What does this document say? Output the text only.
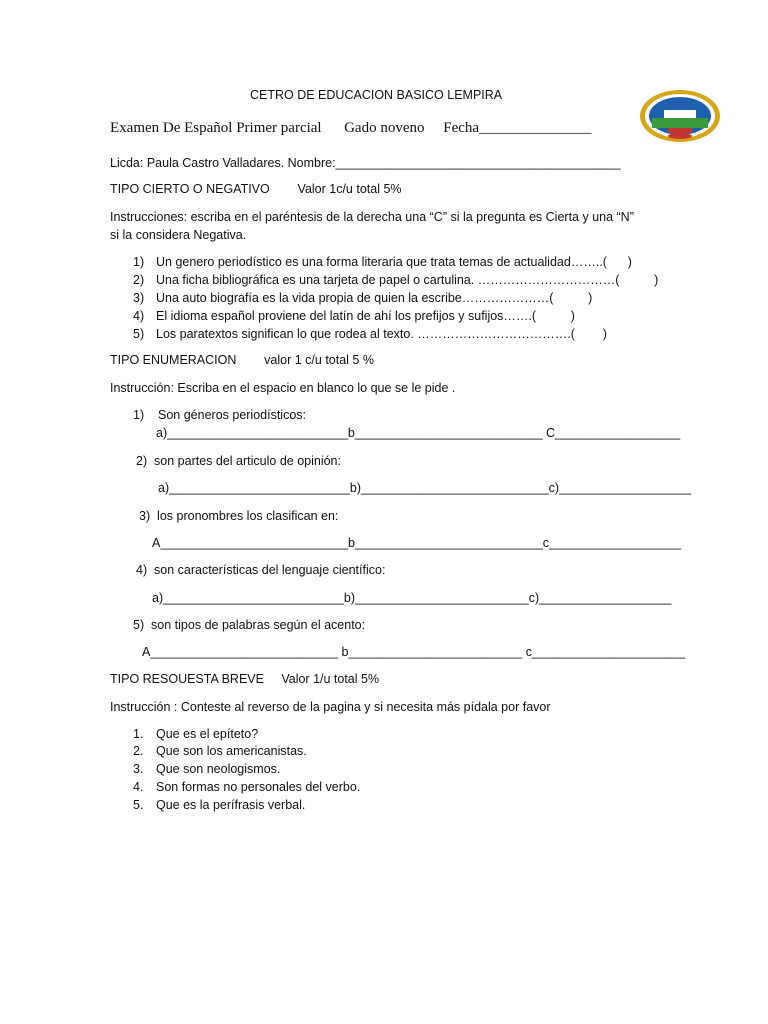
CETRO DE EDUCACION BASICO LEMPIRA
Examen De Español Primer parcial      Gado noveno     Fecha_______________
Licda: Paula Castro Valladares. Nombre:_________________________________________
TIPO CIERTO O NEGATIVO        Valor 1c/u total 5%
Instrucciones: escriba en el paréntesis de la derecha una “C” si la pregunta es Cierta y una “N”
si la considera Negativa.
1) Un genero periodístico es una forma literaria que trata temas de actualidad……..(      )
2) Una ficha bibliográfica es una tarjeta de papel o cartulina. ……………………………(          )
3) Una auto biografía es la vida propia de quien la escribe…………………(          )
4) El idioma español proviene del latín de ahí los prefijos y sufijos…….(          )
5) Los paratextos significan lo que rodea al texto. ……………………………….(        )
TIPO ENUMERACION        valor 1 c/u total 5 %
Instrucción: Escriba en el espacio en blanco lo que se le pide .
1)    Son géneros periodísticos:
a)__________________________b___________________________ C__________________
2)  son partes del articulo de opinión:
a)__________________________b)___________________________c)___________________
3)  los pronombres los clasifican en:
A___________________________b___________________________c___________________
4)  son características del lenguaje científico:
a)__________________________b)_________________________c)___________________
5)  son tipos de palabras según el acento:
A___________________________ b_________________________ c______________________
TIPO RESOUESTA BREVE     Valor 1/u total 5%
Instrucción : Conteste al reverso de la pagina y si necesita más pídala por favor
1. Que es el epíteto?
2. Que son los americanistas.
3. Que son neologismos.
4. Son formas no personales del verbo.
5. Que es la perífrasis verbal.
